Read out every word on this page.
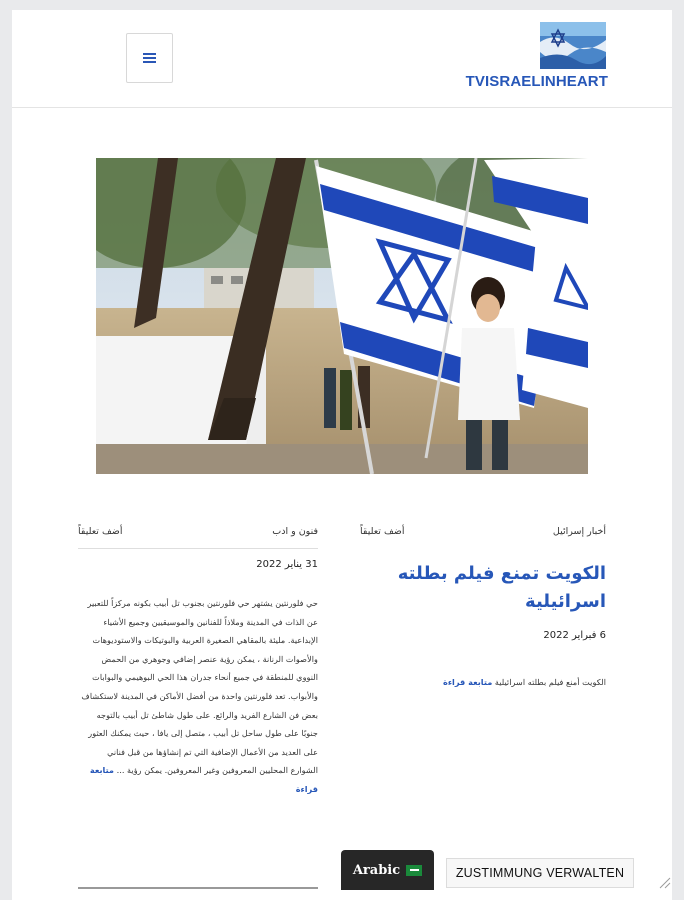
TVISRAELINHEART
أخبار إسرائيل
أضف تعليقاً
الكويت تمنع فيلم بطلته اسرائيلية
6 فبراير 2022
الكويت أمنع فيلم بطلته اسرائيلية متابعة قراءة
فنون و ادب
أضف تعليقاً
31 يناير 2022
حي فلورنتين يشتهر حي فلورنتين بجنوب تل أبيب بكونه مركزاً للتعبير عن الذات في المدينة وملاذاً للفنانين والموسيقيين وجميع الأشياء الإبداعية. مليئة بالمقاهي الصغيرة العربية والبوتيكات والاستوديوهات والأصوات الرنانة ، يمكن رؤية عنصر إضافي وجوهري من الحمض النووي للمنطقة في جميع أنحاء جدران هذا الحي البوهيمي والبوابات والأبواب. تعد فلورنتين واحدة من أفضل الأماكن في المدينة لاستكشاف بعض فن الشارع الفريد والرائع. على طول شاطئ تل أبيب بالتوجه جنوبًا على طول ساحل تل أبيب ، متصل إلى يافا ، حيث يمكنك العثور على العديد من الأعمال الإضافية التي تم إنشاؤها من قبل فناني الشوارع المحليين المعروفين وغير المعروفين. يمكن رؤية ... متابعة قراءة
Arabic	ZUSTIMMUNG VERWALTEN
